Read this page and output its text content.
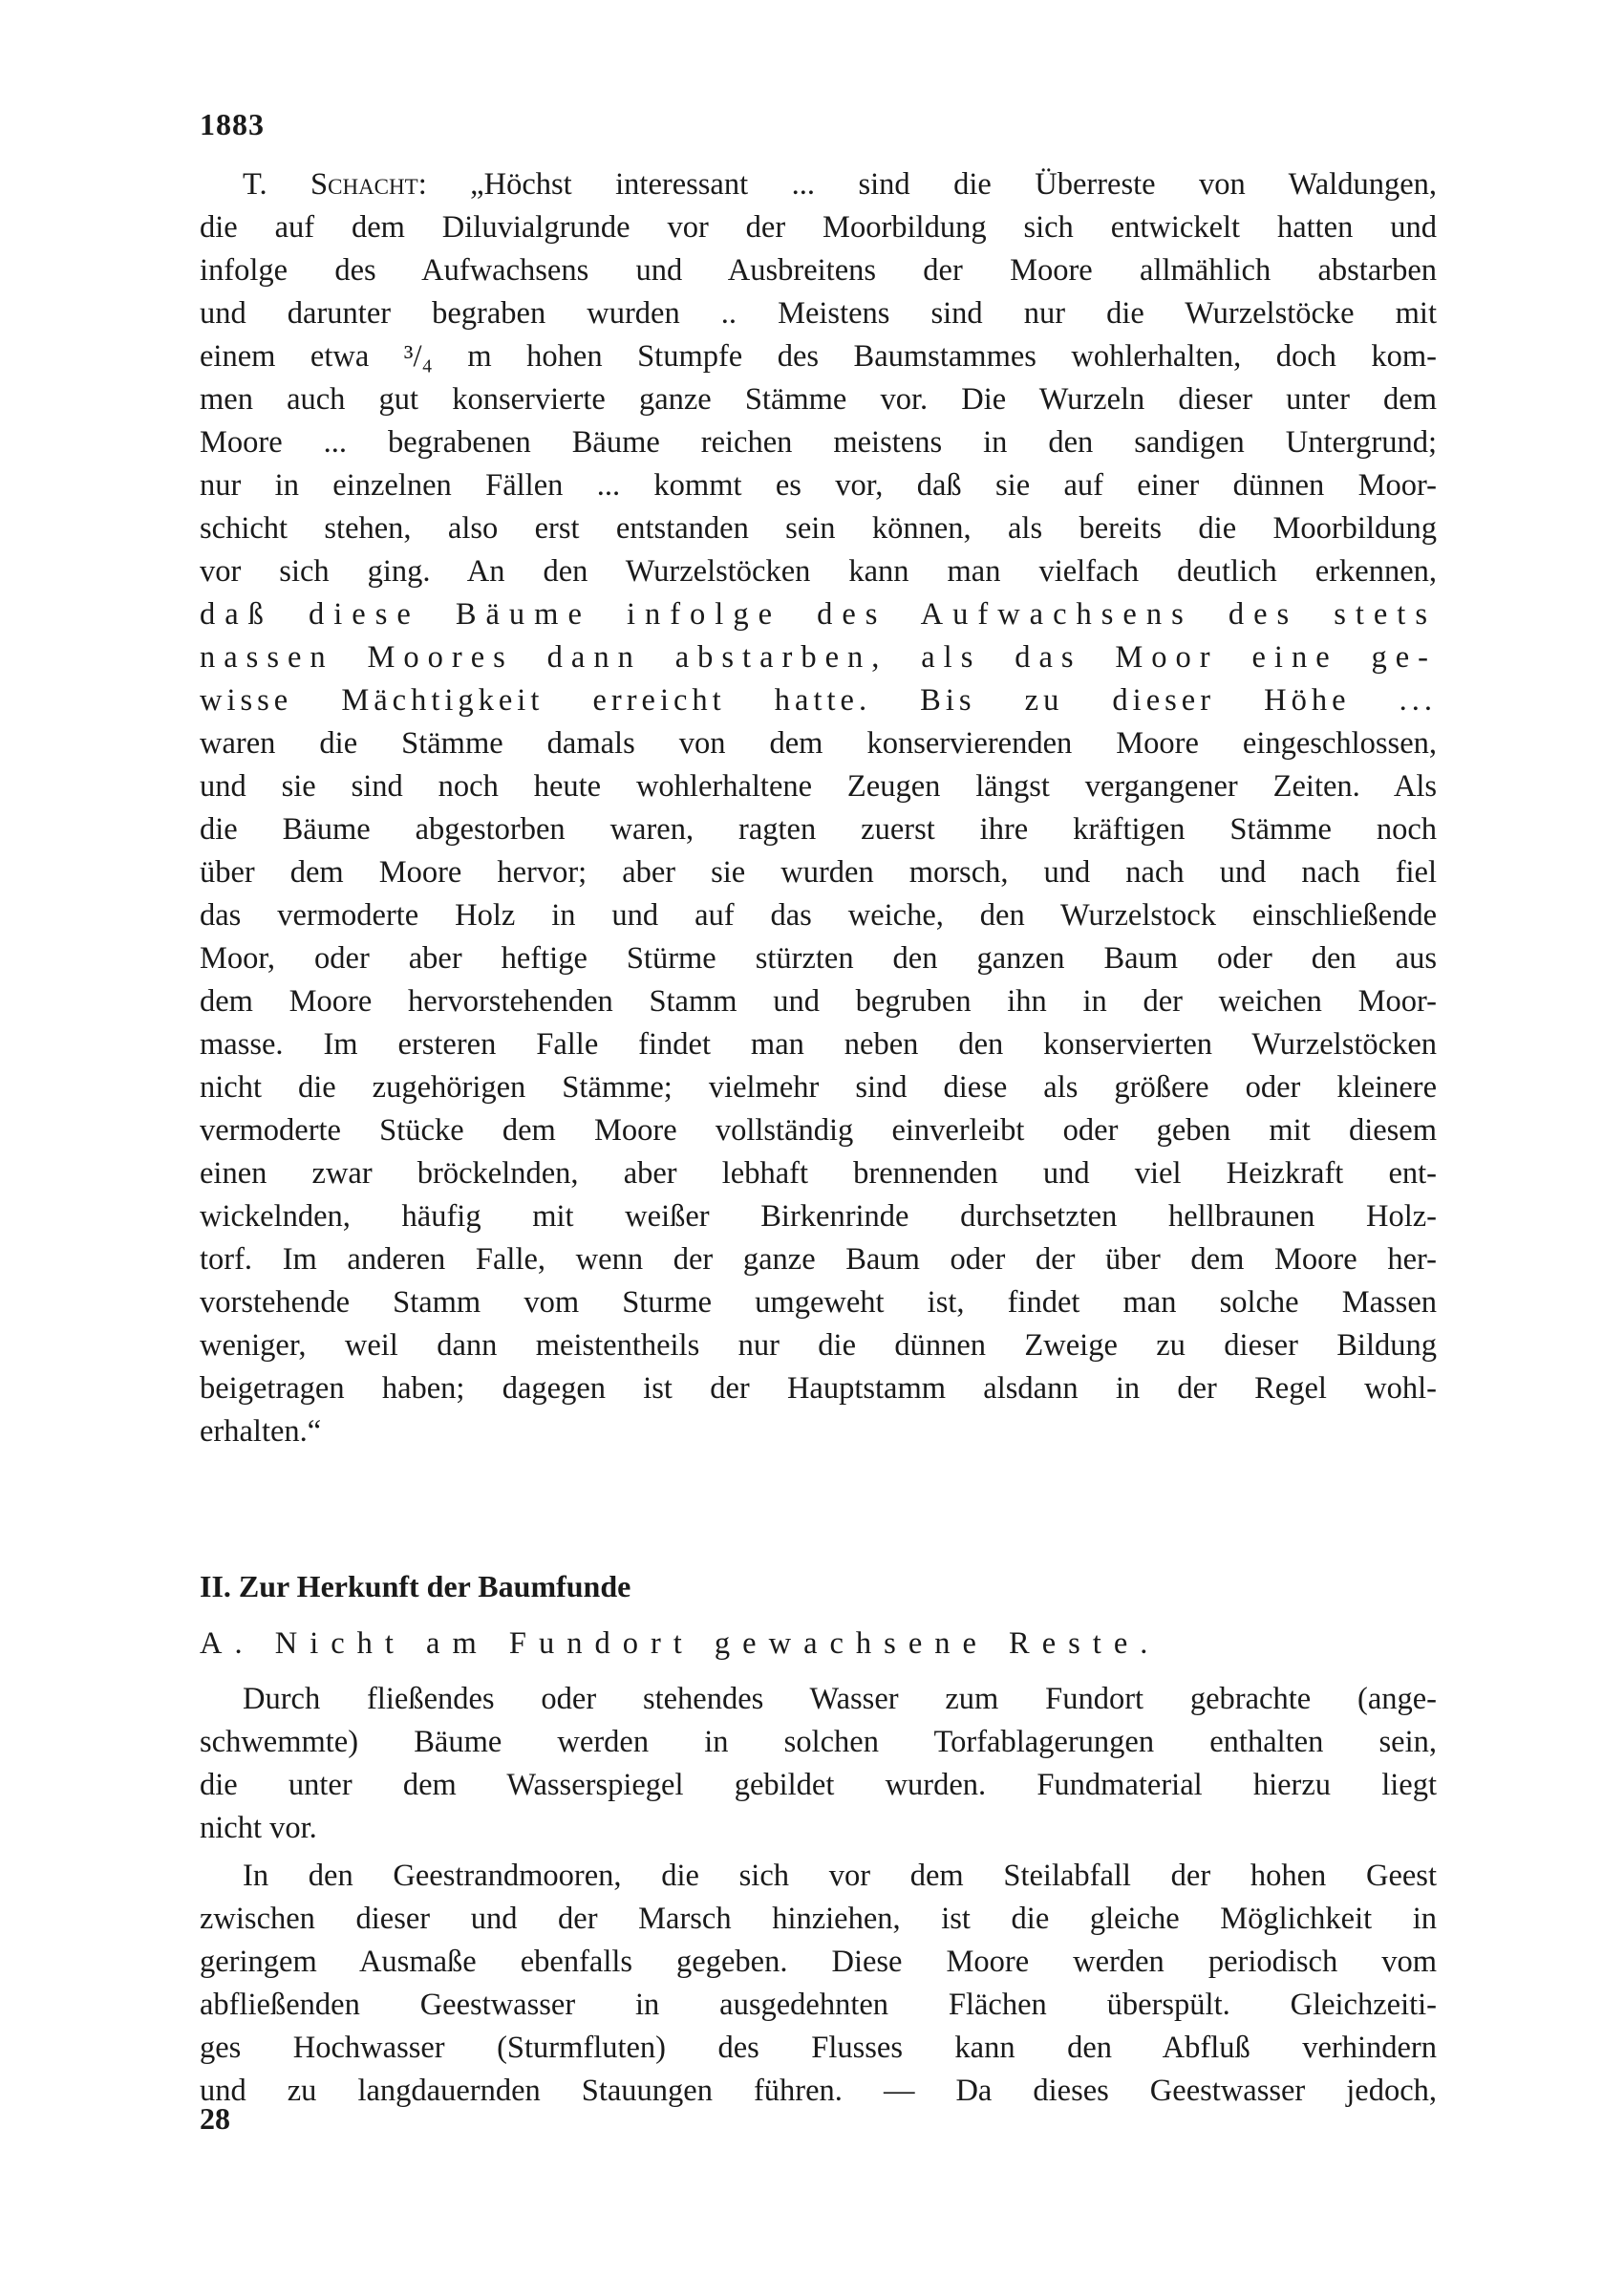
1883
T. Schacht: „Höchst interessant ... sind die Überreste von Waldungen,
die auf dem Diluvialgrunde vor der Moorbildung sich entwickelt hatten und
infolge des Aufwachsens und Ausbreitens der Moore allmählich abstarben
und darunter begraben wurden .. Meistens sind nur die Wurzelstöcke mit
einem etwa ³/₄ m hohen Stumpfe des Baumstammes wohlerhalten, doch kom-
men auch gut konservierte ganze Stämme vor. Die Wurzeln dieser unter dem
Moore ... begrabenen Bäume reichen meistens in den sandigen Untergrund;
nur in einzelnen Fällen ... kommt es vor, daß sie auf einer dünnen Moor-
schicht stehen, also erst entstanden sein können, als bereits die Moorbildung
vor sich ging. An den Wurzelstöcken kann man vielfach deutlich erkennen,
daß diese Bäume infolge des Aufwachsens des stets
nassen Moores dann abstarben, als das Moor eine ge-
wisse Mächtigkeit erreicht hatte. Bis zu dieser Höhe ...
waren die Stämme damals von dem konservierenden Moore eingeschlossen,
und sie sind noch heute wohlerhaltene Zeugen längst vergangener Zeiten. Als
die Bäume abgestorben waren, ragten zuerst ihre kräftigen Stämme noch
über dem Moore hervor; aber sie wurden morsch, und nach und nach fiel
das vermoderte Holz in und auf das weiche, den Wurzelstock einschließende
Moor, oder aber heftige Stürme stürzten den ganzen Baum oder den aus
dem Moore hervorstehenden Stamm und begruben ihn in der weichen Moor-
masse. Im ersteren Falle findet man neben den konservierten Wurzelstöcken
nicht die zugehörigen Stämme; vielmehr sind diese als größere oder kleinere
vermoderte Stücke dem Moore vollständig einverleibt oder geben mit diesem
einen zwar bröckelnden, aber lebhaft brennenden und viel Heizkraft ent-
wickelnden, häufig mit weißer Birkenrinde durchsetzten hellbraunen Holz-
torf. Im anderen Falle, wenn der ganze Baum oder der über dem Moore her-
vorstehende Stamm vom Sturme umgeweht ist, findet man solche Massen
weniger, weil dann meistentheils nur die dünnen Zweige zu dieser Bildung
beigetragen haben; dagegen ist der Hauptstamm alsdann in der Regel wohl-
erhalten.“
II. Zur Herkunft der Baumfunde
A. Nicht am Fundort gewachsene Reste.
Durch fließendes oder stehendes Wasser zum Fundort gebrachte (ange-
schwemmte) Bäume werden in solchen Torfablagerungen enthalten sein,
die unter dem Wasserspiegel gebildet wurden. Fundmaterial hierzu liegt
nicht vor.
In den Geestrandmooren, die sich vor dem Steilabfall der hohen Geest
zwischen dieser und der Marsch hinziehen, ist die gleiche Möglichkeit in
geringem Ausmaße ebenfalls gegeben. Diese Moore werden periodisch vom
abfließenden Geestwasser in ausgedehnten Flächen überspült. Gleichzeiti-
ges Hochwasser (Sturmfluten) des Flusses kann den Abfluß verhindern
und zu langdauernden Stauungen führen. — Da dieses Geestwasser jedoch,
28
